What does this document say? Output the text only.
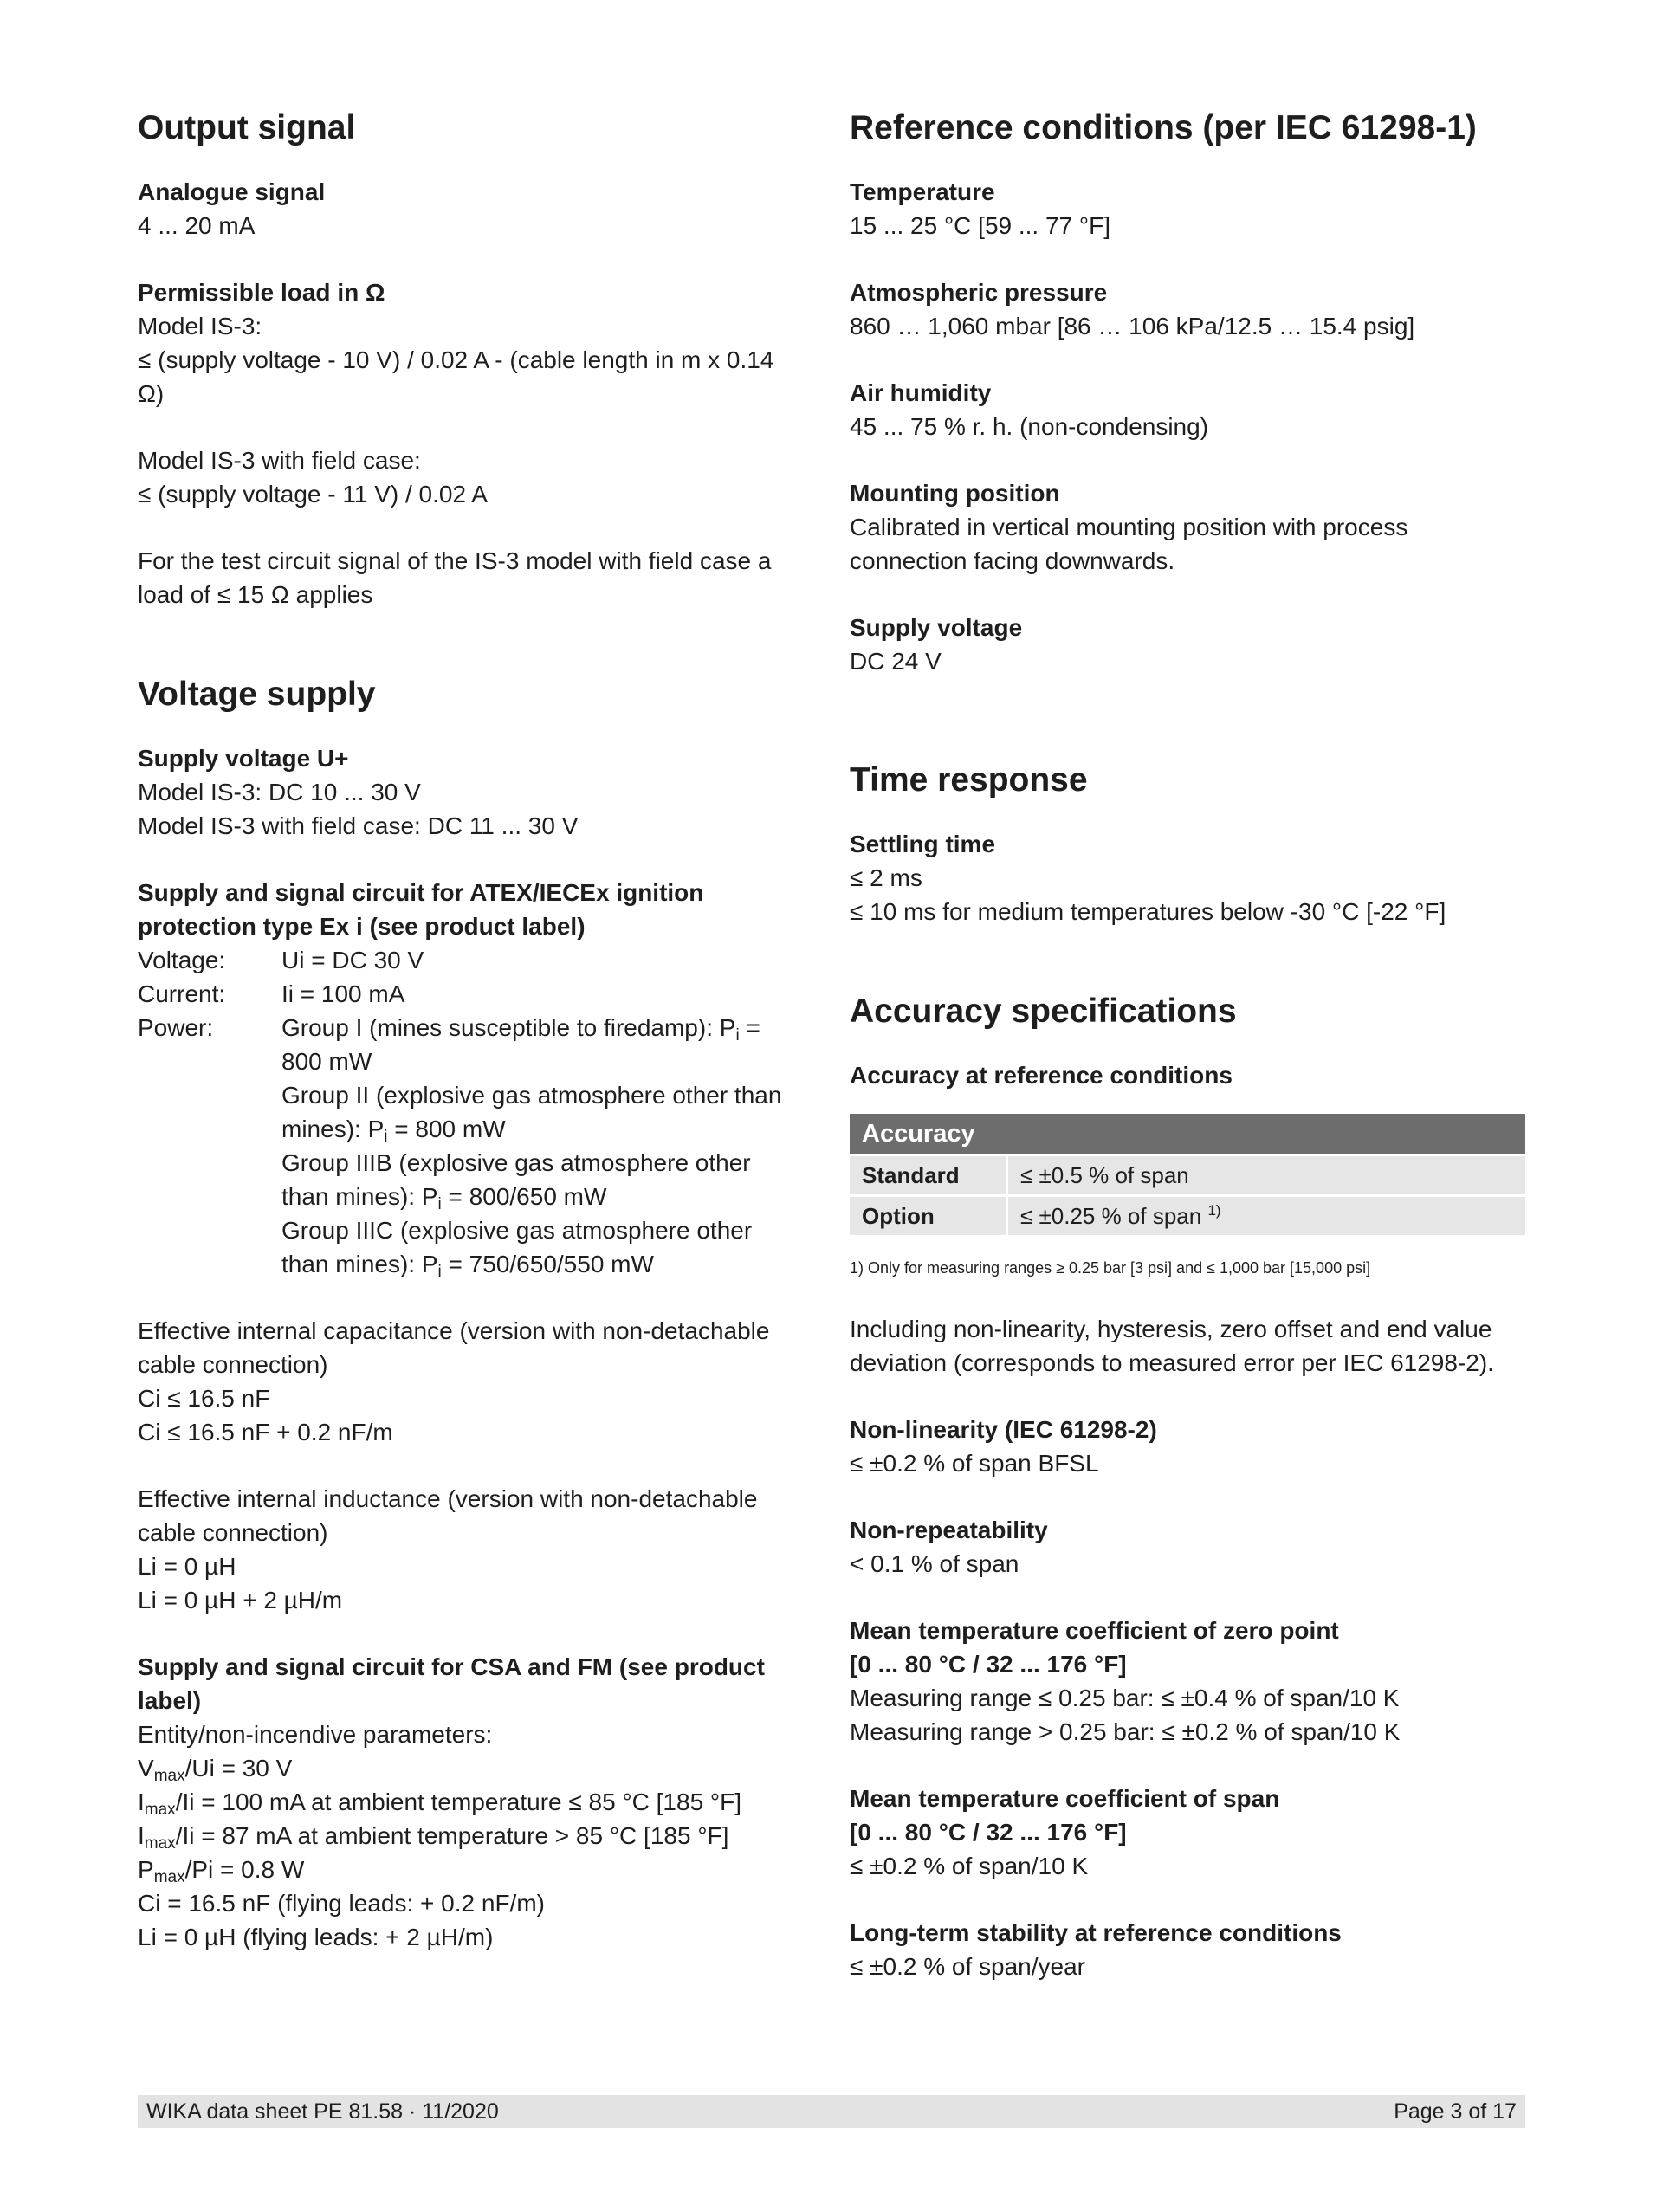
Output signal
Analogue signal
4 ... 20 mA
Permissible load in Ω
Model IS-3:
≤ (supply voltage - 10 V) / 0.02 A - (cable length in m x 0.14 Ω)
Model IS-3 with field case:
≤ (supply voltage - 11 V) / 0.02 A
For the test circuit signal of the IS-3 model with field case a
load of ≤ 15 Ω applies
Voltage supply
Supply voltage U+
Model IS-3: DC 10 ... 30 V
Model IS-3 with field case: DC 11 ... 30 V
Supply and signal circuit for ATEX/IECEx ignition
protection type Ex i (see product label)
Voltage:	Ui = DC 30 V
Current:	Ii = 100 mA
Power:	Group I (mines susceptible to firedamp): $P_i$ =
800 mW
Group II (explosive gas atmosphere other than
mines): $P_i = 800$ mW
Group IIIB (explosive gas atmosphere other
than mines): $P_i = 800/650$ mW
Group IIIC (explosive gas atmosphere other
than mines): $P_i = 750/650/550$ mW
Effective internal capacitance (version with non-detachable
cable connection)
Ci ≤ 16.5 nF
Ci ≤ 16.5 nF + 0.2 nF/m
Effective internal inductance (version with non-detachable
cable connection)
Li = 0 µH
Li = 0 µH + 2 µH/m
Supply and signal circuit for CSA and FM (see product
label)
Entity/non-incendive parameters:
$V_{max}/Ui = 30$ V
$I_{max}/Ii = 100$ mA at ambient temperature ≤ 85 °C [185 °F]
$I_{max}/Ii = 87$ mA at ambient temperature > 85 °C [185 °F]
$P_{max}/Pi = 0.8$ W
Ci = 16.5 nF (flying leads: + 0.2 nF/m)
Li = 0 µH (flying leads: + 2 µH/m)
Reference conditions (per IEC 61298-1)
Temperature
15 ... 25 °C [59 ... 77 °F]
Atmospheric pressure
860 … 1,060 mbar [86 … 106 kPa/12.5 … 15.4 psig]
Air humidity
45 ... 75 % r. h. (non-condensing)
Mounting position
Calibrated in vertical mounting position with process
connection facing downwards.
Supply voltage
DC 24 V
Time response
Settling time
≤ 2 ms
≤ 10 ms for medium temperatures below -30 °C [-22 °F]
Accuracy specifications
Accuracy at reference conditions
Accuracy	
Standard	≤ ±0.5 % of span
Option	≤ ±0.25 % of span $^{1)}$
1) Only for measuring ranges ≥ 0.25 bar [3 psi] and ≤ 1,000 bar [15,000 psi]
Including non-linearity, hysteresis, zero offset and end value
deviation (corresponds to measured error per IEC 61298-2).
Non-linearity (IEC 61298-2)
≤ ±0.2 % of span BFSL
Non-repeatability
< 0.1 % of span
Mean temperature coefficient of zero point
[0 ... 80 °C / 32 ... 176 °F]
Measuring range ≤ 0.25 bar: ≤ ±0.4 % of span/10 K
Measuring range > 0.25 bar: ≤ ±0.2 % of span/10 K
Mean temperature coefficient of span
[0 ... 80 °C / 32 ... 176 °F]
≤ ±0.2 % of span/10 K
Long-term stability at reference conditions
≤ ±0.2 % of span/year
WIKA data sheet PE 81.58 · 11/2020	Page 3 of 17
